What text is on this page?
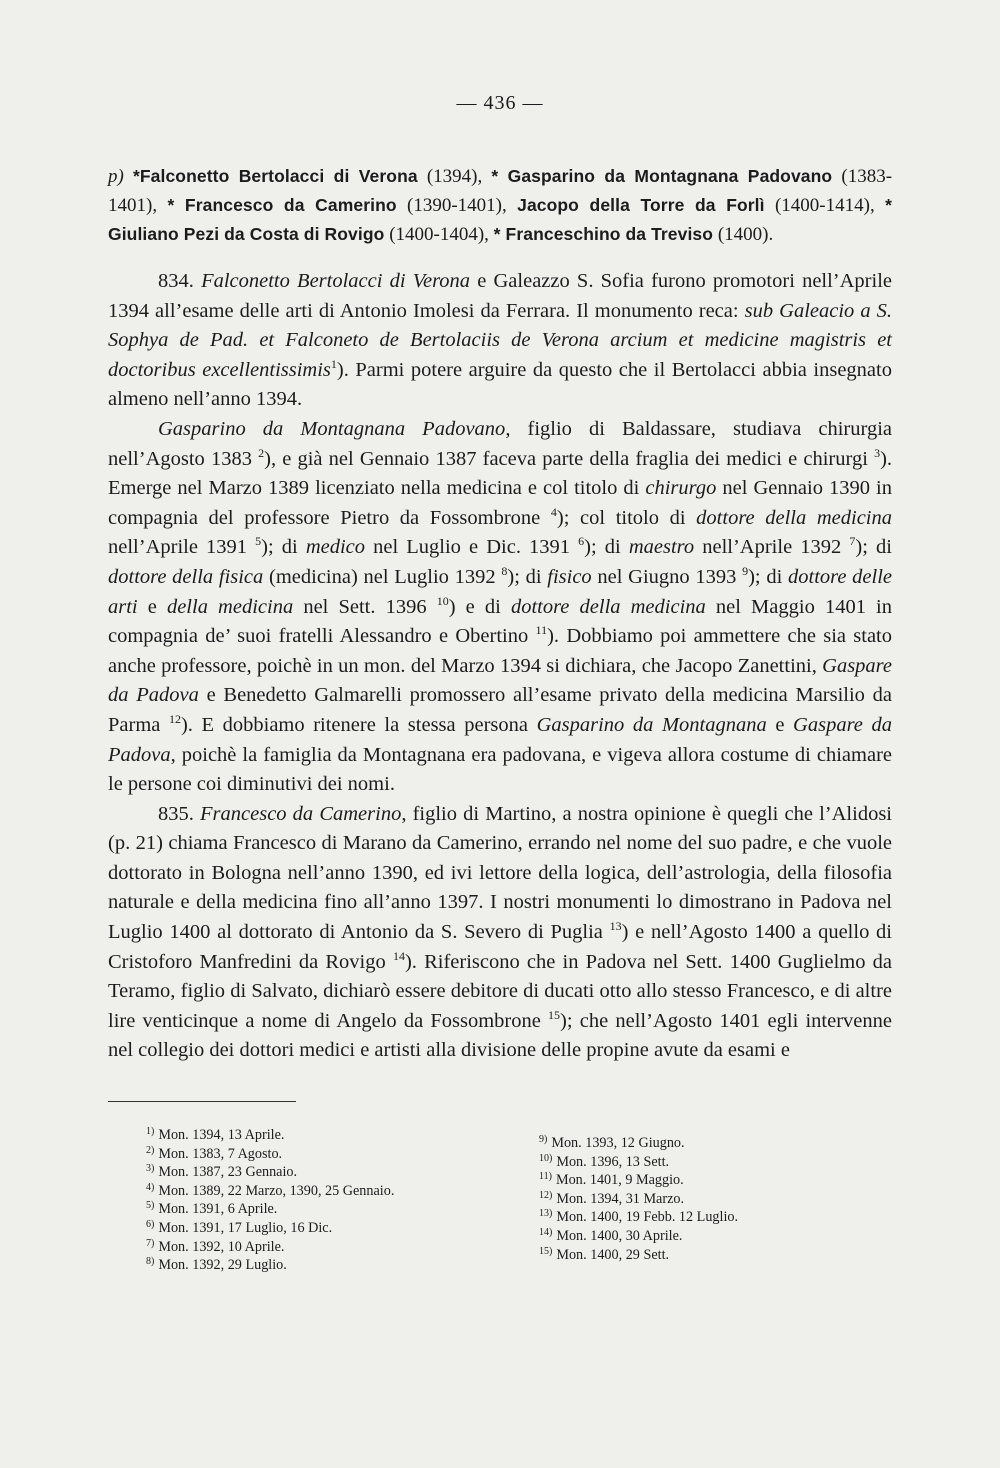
— 436 —

p) *Falconetto Bertolacci di Verona (1394), * Gasparino da Montagnana Padovano (1383-1401), * Francesco da Camerino (1390-1401), Jacopo della Torre da Forlì (1400-1414), * Giuliano Pezi da Costa di Rovigo (1400-1404), * Franceschino da Treviso (1400).

834. Falconetto Bertolacci di Verona e Galeazzo S. Sofia furono promotori nell’Aprile 1394 all’esame delle arti di Antonio Imolesi da Ferrara. Il monumento reca: sub Galeacio a S. Sophya de Pad. et Falconeto de Bertolaciis de Verona arcium et medicine magistris et doctoribus excellentissimis$^1$). Parmi potere arguire da questo che il Bertolacci abbia insegnato almeno nell’anno 1394.

Gasparino da Montagnana Padovano, figlio di Baldassare, studiava chirurgia nell’Agosto 1383 $^2$), e già nel Gennaio 1387 faceva parte della fraglia dei medici e chirurgi $^3$). Emerge nel Marzo 1389 licenziato nella medicina e col titolo di chirurgo nel Gennaio 1390 in compagnia del professore Pietro da Fossombrone $^4$); col titolo di dottore della medicina nell’Aprile 1391 $^5$); di medico nel Luglio e Dic. 1391 $^6$); di maestro nell’Aprile 1392 $^7$); di dottore della fisica (medicina) nel Luglio 1392 $^8$); di fisico nel Giugno 1393 $^9$); di dottore delle arti e della medicina nel Sett. 1396 $^{10}$) e di dottore della medicina nel Maggio 1401 in compagnia de’ suoi fratelli Alessandro e Obertino $^{11}$). Dobbiamo poi ammettere che sia stato anche professore, poichè in un mon. del Marzo 1394 si dichiara, che Jacopo Zanettini, Gaspare da Padova e Benedetto Galmarelli promossero all’esame privato della medicina Marsilio da Parma $^{12}$). E dobbiamo ritenere la stessa persona Gasparino da Montagnana e Gaspare da Padova, poichè la famiglia da Montagnana era padovana, e vigeva allora costume di chiamare le persone coi diminutivi dei nomi.

835. Francesco da Camerino, figlio di Martino, a nostra opinione è quegli che l’Alidosi (p. 21) chiama Francesco di Marano da Camerino, errando nel nome del suo padre, e che vuole dottorato in Bologna nell’anno 1390, ed ivi lettore della logica, dell’astrologia, della filosofia naturale e della medicina fino all’anno 1397. I nostri monumenti lo dimostrano in Padova nel Luglio 1400 al dottorato di Antonio da S. Severo di Puglia $^{13}$) e nell’Agosto 1400 a quello di Cristoforo Manfredini da Rovigo $^{14}$). Riferiscono che in Padova nel Sett. 1400 Guglielmo da Teramo, figlio di Salvato, dichiarò essere debitore di ducati otto allo stesso Francesco, e di altre lire venticinque a nome di Angelo da Fossombrone $^{15}$); che nell’Agosto 1401 egli intervenne nel collegio dei dottori medici e artisti alla divisione delle propine avute da esami e

$^{1)}$ Mon. 1394, 13 Aprile.
$^{2)}$ Mon. 1383, 7 Agosto.
$^{3)}$ Mon. 1387, 23 Gennaio.
$^{4)}$ Mon. 1389, 22 Marzo, 1390, 25 Gennaio.
$^{5)}$ Mon. 1391, 6 Aprile.
$^{6)}$ Mon. 1391, 17 Luglio, 16 Dic.
$^{7)}$ Mon. 1392, 10 Aprile.
$^{8)}$ Mon. 1392, 29 Luglio.
$^{9)}$ Mon. 1393, 12 Giugno.
$^{10)}$ Mon. 1396, 13 Sett.
$^{11)}$ Mon. 1401, 9 Maggio.
$^{12)}$ Mon. 1394, 31 Marzo.
$^{13)}$ Mon. 1400, 19 Febb. 12 Luglio.
$^{14)}$ Mon. 1400, 30 Aprile.
$^{15)}$ Mon. 1400, 29 Sett.
